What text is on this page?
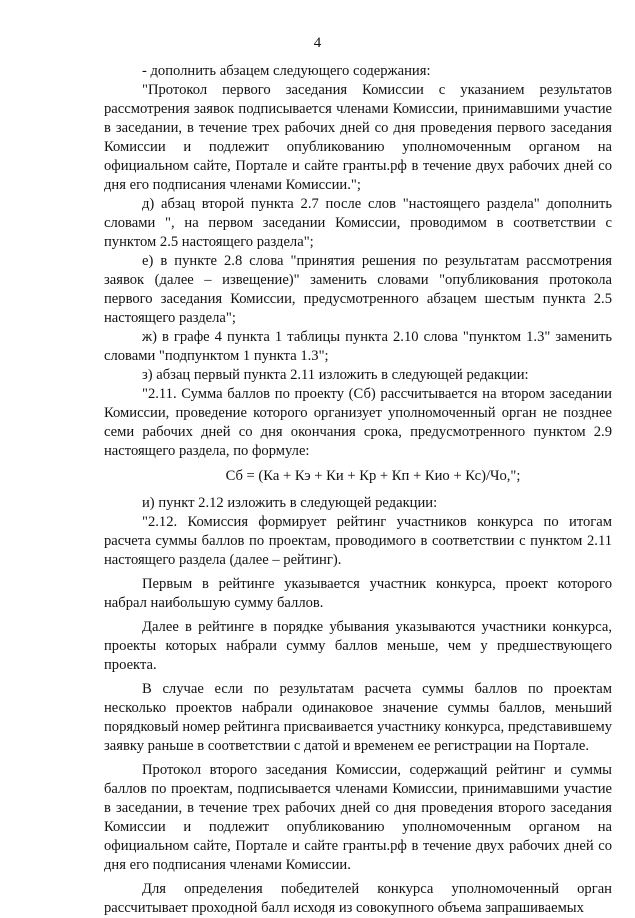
4

- дополнить абзацем следующего содержания:

"Протокол первого заседания Комиссии с указанием результатов рассмотрения заявок подписывается членами Комиссии, принимавшими участие в заседании, в течение трех рабочих дней со дня проведения первого заседания Комиссии и подлежит опубликованию уполномоченным органом на официальном сайте, Портале и сайте гранты.рф в течение двух рабочих дней со дня его подписания членами Комиссии.";

д) абзац второй пункта 2.7 после слов "настоящего раздела" дополнить словами ", на первом заседании Комиссии, проводимом в соответствии с пунктом 2.5 настоящего раздела";

е) в пункте 2.8 слова "принятия решения по результатам рассмотрения заявок (далее – извещение)" заменить словами "опубликования протокола первого заседания Комиссии, предусмотренного абзацем шестым пункта 2.5 настоящего раздела";

ж) в графе 4 пункта 1 таблицы пункта 2.10 слова "пунктом 1.3" заменить словами "подпунктом 1 пункта 1.3";

з) абзац первый пункта 2.11 изложить в следующей редакции:

"2.11. Сумма баллов по проекту (Сб) рассчитывается на втором заседании Комиссии, проведение которого организует уполномоченный орган не позднее семи рабочих дней со дня окончания срока, предусмотренного пунктом 2.9 настоящего раздела, по формуле:

Сб = (Ка + Кэ + Ки + Кр + Кп + Кио + Кс)/Чо,";

и) пункт 2.12 изложить в следующей редакции:

"2.12. Комиссия формирует рейтинг участников конкурса по итогам расчета суммы баллов по проектам, проводимого в соответствии с пунктом 2.11 настоящего раздела (далее – рейтинг).

Первым в рейтинге указывается участник конкурса, проект которого набрал наибольшую сумму баллов.

Далее в рейтинге в порядке убывания указываются участники конкурса, проекты которых набрали сумму баллов меньше, чем у предшествующего проекта.

В случае если по результатам расчета суммы баллов по проектам несколько проектов набрали одинаковое значение суммы баллов, меньший порядковый номер рейтинга присваивается участнику конкурса, представившему заявку раньше в соответствии с датой и временем ее регистрации на Портале.

Протокол второго заседания Комиссии, содержащий рейтинг и суммы баллов по проектам, подписывается членами Комиссии, принимавшими участие в заседании, в течение трех рабочих дней со дня проведения второго заседания Комиссии и подлежит опубликованию уполномоченным органом на официальном сайте, Портале и сайте гранты.рф в течение двух рабочих дней со дня его подписания членами Комиссии.

Для определения победителей конкурса уполномоченный орган рассчитывает проходной балл исходя из совокупного объема запрашиваемых
